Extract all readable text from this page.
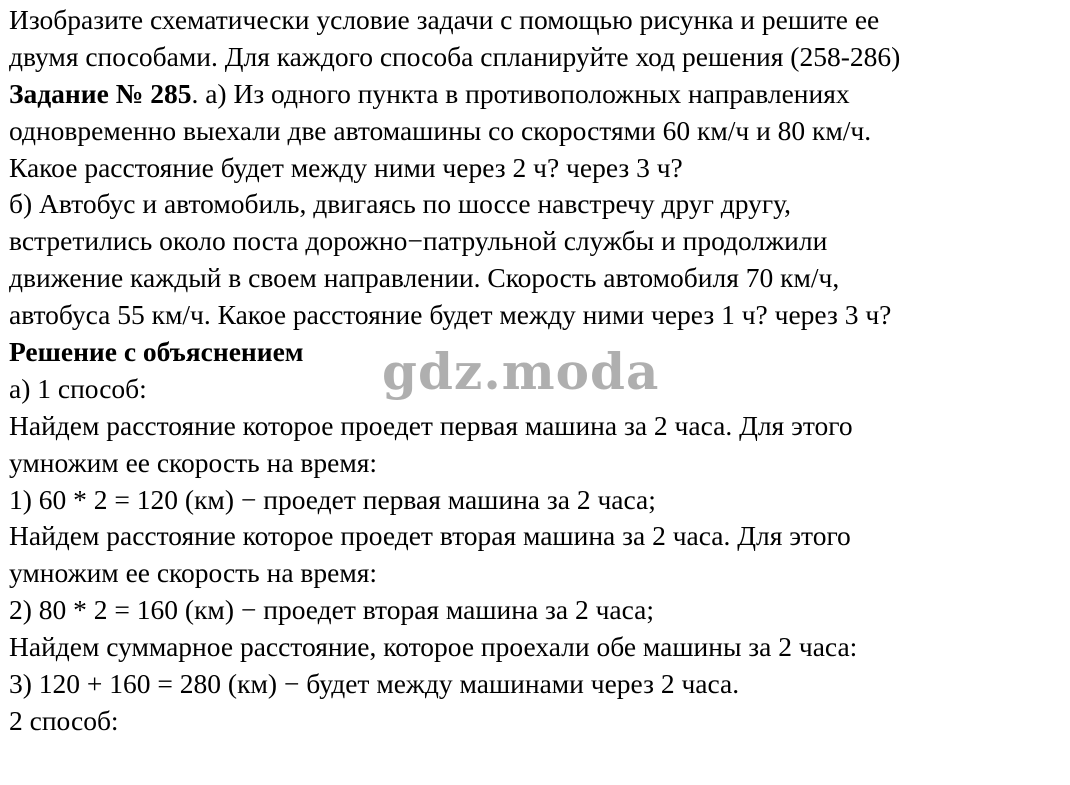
Изобразите схематически условие задачи с помощью рисунка и решите ее
двумя способами. Для каждого способа спланируйте ход решения (258-286)
Задание № 285. а) Из одного пункта в противоположных направлениях
одновременно выехали две автомашины со скоростями 60 км/ч и 80 км/ч.
Какое расстояние будет между ними через 2 ч? через 3 ч?
б) Автобус и автомобиль, двигаясь по шоссе навстречу друг другу,
встретились около поста дорожно−патрульной службы и продолжили
движение каждый в своем направлении. Скорость автомобиля 70 км/ч,
автобуса 55 км/ч. Какое расстояние будет между ними через 1 ч? через 3 ч?
Решение с объяснением
а) 1 способ:
Найдем расстояние которое проедет первая машина за 2 часа. Для этого
умножим ее скорость на время:
1) 60 * 2 = 120 (км) − проедет первая машина за 2 часа;
Найдем расстояние которое проедет вторая машина за 2 часа. Для этого
умножим ее скорость на время:
2) 80 * 2 = 160 (км) − проедет вторая машина за 2 часа;
Найдем суммарное расстояние, которое проехали обе машины за 2 часа:
3) 120 + 160 = 280 (км) − будет между машинами через 2 часа.
2 способ:
gdz.moda
